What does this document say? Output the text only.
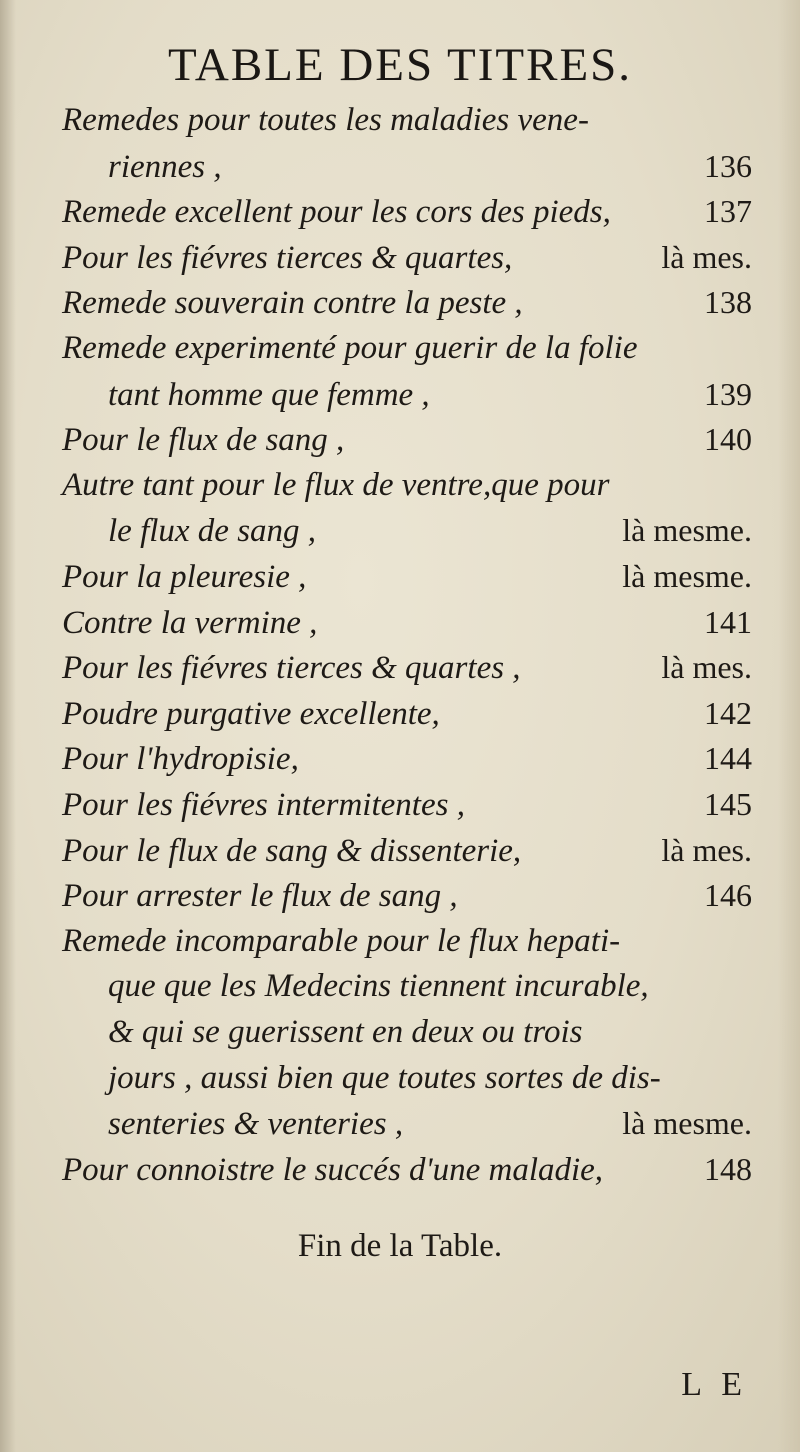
TABLE DES TITRES.
Remedes pour toutes les maladies vene-
riennes ,	136
Remede excellent pour les cors des pieds,	137
Pour les fiévres tierces & quartes,	là mes.
Remede souverain contre la peste ,	138
Remede experimenté pour guerir de la folie
tant homme que femme ,	139
Pour le flux de sang ,	140
Autre tant pour le flux de ventre,que pour
le flux de sang ,	là mesme.
Pour la pleuresie ,	là mesme.
Contre la vermine ,	141
Pour les fiévres tierces & quartes ,	là mes.
Poudre purgative excellente,	142
Pour l'hydropisie,	144
Pour les fiévres intermitentes ,	145
Pour le flux de sang & dissenterie,	là mes.
Pour arrester le flux de sang ,	146
Remede incomparable pour le flux hepati-
que que les Medecins tiennent incurable,
& qui se guerissent en deux ou trois
jours , aussi bien que toutes sortes de dis-
senteries & venteries ,	là mesme.
Pour connoistre le succés d'une maladie,	148
Fin de la Table.
L E
